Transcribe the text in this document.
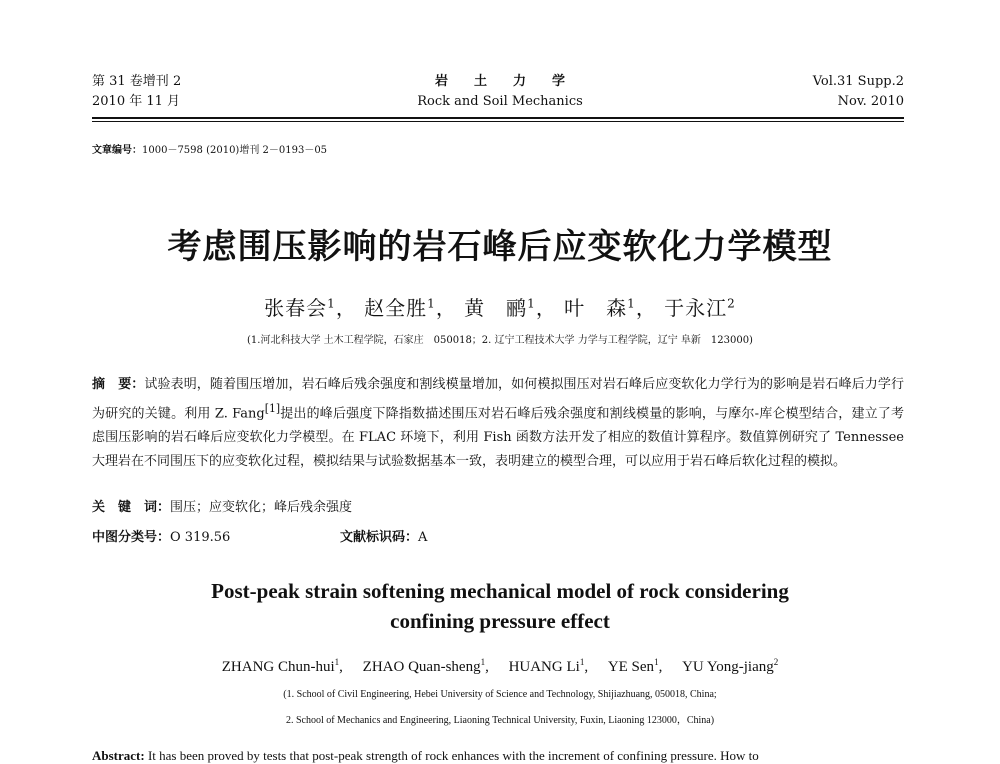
第 31 卷增刊 2
2010 年 11 月
岩土力学
Rock and Soil Mechanics
Vol.31 Supp.2
Nov. 2010
文章编号：1000－7598 (2010)增刊 2－0193－05
考虑围压影响的岩石峰后应变软化力学模型
张春会$^1$， 赵全胜$^1$， 黄　鹂$^1$， 叶　森$^1$， 于永江$^2$
(1.河北科技大学 土木工程学院，石家庄　050018；2. 辽宁工程技术大学 力学与工程学院，辽宁 阜新　123000)
摘　要：试验表明，随着围压增加，岩石峰后残余强度和割线模量增加，如何模拟围压对岩石峰后应变软化力学行为的影响是岩石峰后力学行为研究的关键。利用 Z. Fang[1]提出的峰后强度下降指数描述围压对岩石峰后残余强度和割线模量的影响，与摩尔-库仑模型结合，建立了考虑围压影响的岩石峰后应变软化力学模型。在 FLAC 环境下，利用 Fish 函数方法开发了相应的数值计算程序。数值算例研究了 Tennessee 大理岩在不同围压下的应变软化过程，模拟结果与试验数据基本一致，表明建立的模型合理，可以应用于岩石峰后软化过程的模拟。
关　键　词：围压；应变软化；峰后残余强度
中图分类号：O 319.56	文献标识码：A
Post-peak strain softening mechanical model of rock considering
confining pressure effect
ZHANG Chun-hui$^1$, ZHAO Quan-sheng$^1$, HUANG Li$^1$, YE Sen$^1$, YU Yong-jiang$^2$
(1. School of Civil Engineering, Hebei University of Science and Technology, Shijiazhuang, 050018, China;
2. School of Mechanics and Engineering, Liaoning Technical University, Fuxin, Liaoning 123000，China)
Abstract: It has been proved by tests that post-peak strength of rock enhances with the increment of confining pressure. How to
